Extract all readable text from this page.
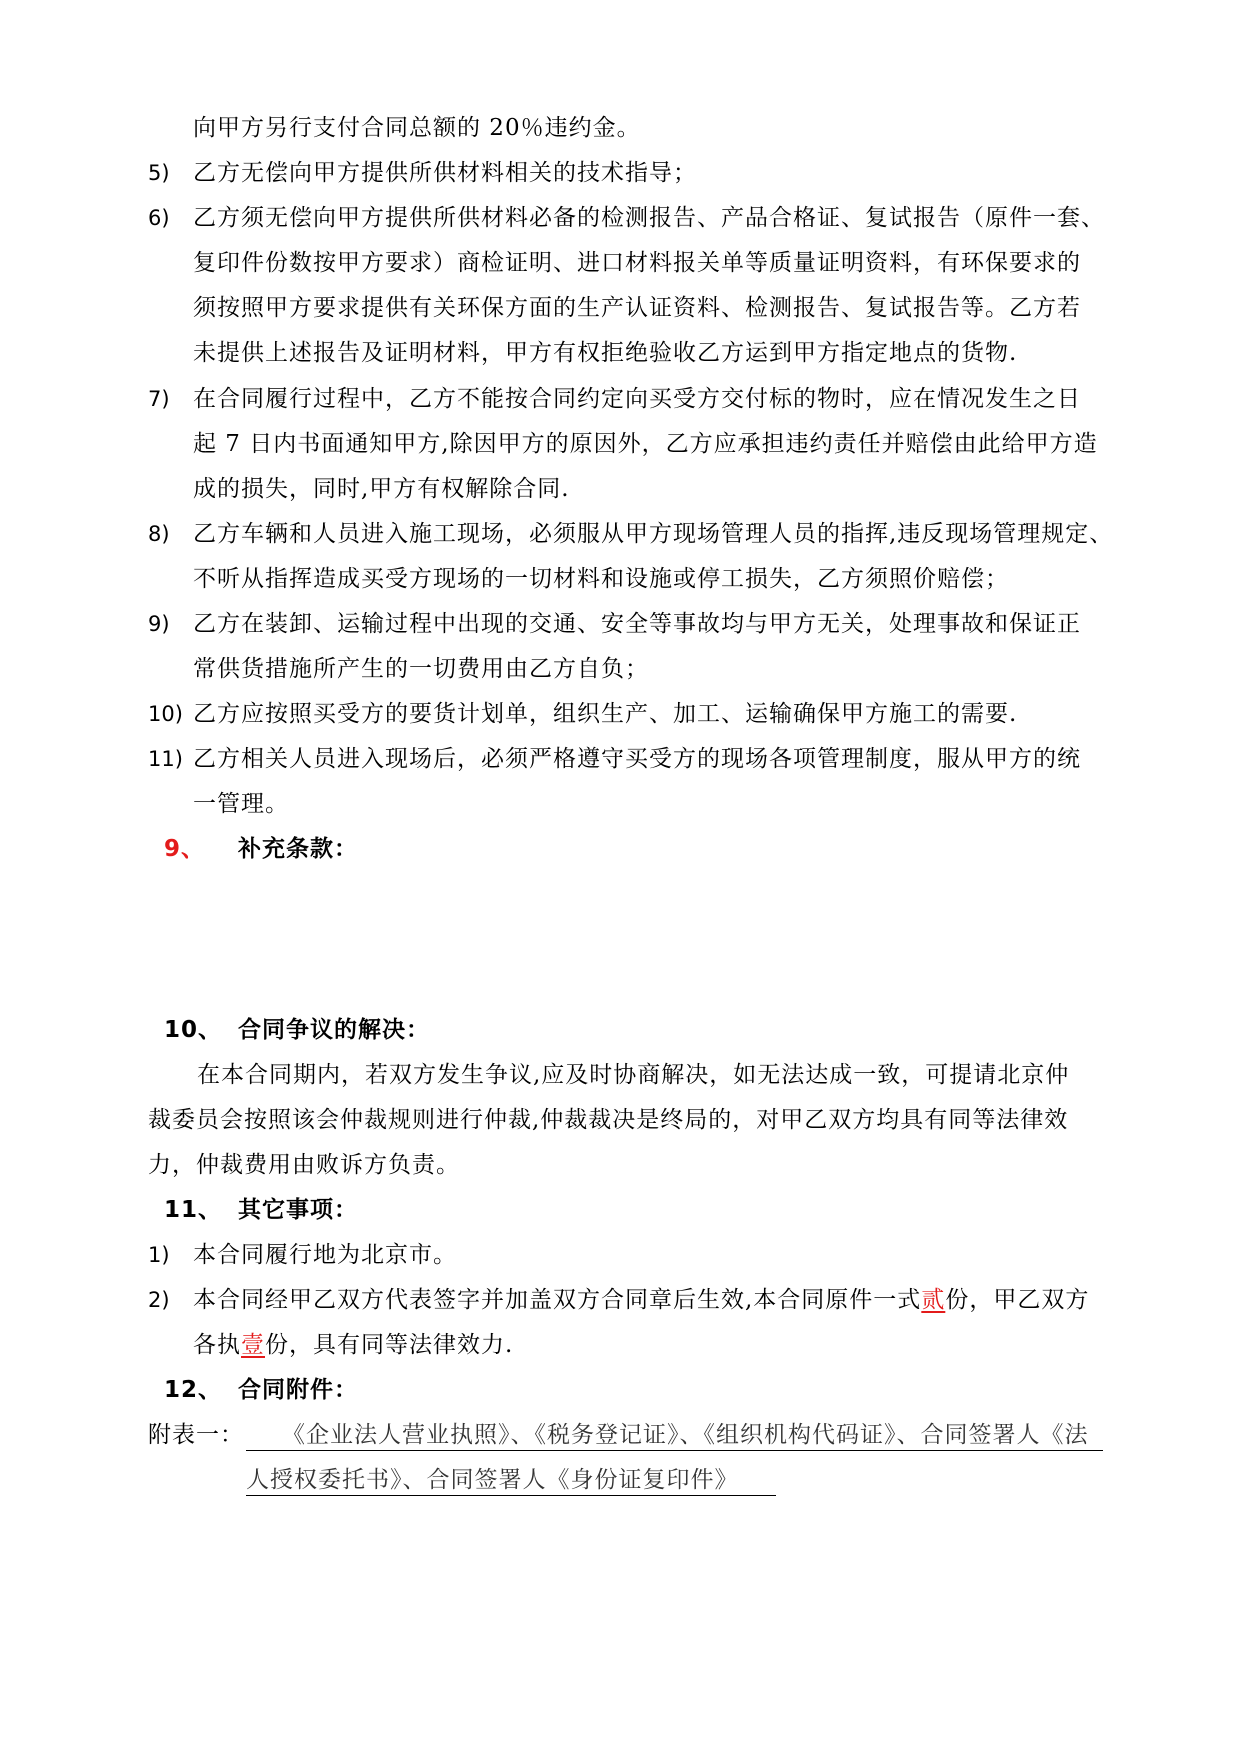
向甲方另行支付合同总额的 20％违约金。
5) 乙方无偿向甲方提供所供材料相关的技术指导；
6) 乙方须无偿向甲方提供所供材料必备的检测报告、产品合格证、复试报告（原件一套、
复印件份数按甲方要求）商检证明、进口材料报关单等质量证明资料，有环保要求的
须按照甲方要求提供有关环保方面的生产认证资料、检测报告、复试报告等。乙方若
未提供上述报告及证明材料，甲方有权拒绝验收乙方运到甲方指定地点的货物.
7) 在合同履行过程中，乙方不能按合同约定向买受方交付标的物时，应在情况发生之日
起 7 日内书面通知甲方,除因甲方的原因外，乙方应承担违约责任并赔偿由此给甲方造
成的损失，同时,甲方有权解除合同.
8) 乙方车辆和人员进入施工现场，必须服从甲方现场管理人员的指挥,违反现场管理规定、
不听从指挥造成买受方现场的一切材料和设施或停工损失，乙方须照价赔偿；
9) 乙方在装卸、运输过程中出现的交通、安全等事故均与甲方无关，处理事故和保证正
常供货措施所产生的一切费用由乙方自负；
10) 乙方应按照买受方的要货计划单，组织生产、加工、运输确保甲方施工的需要.
11) 乙方相关人员进入现场后，必须严格遵守买受方的现场各项管理制度，服从甲方的统
一管理。
9、 补充条款：
10、 合同争议的解决：
在本合同期内，若双方发生争议,应及时协商解决，如无法达成一致，可提请北京仲
裁委员会按照该会仲裁规则进行仲裁,仲裁裁决是终局的，对甲乙双方均具有同等法律效
力，仲裁费用由败诉方负责。
11、 其它事项：
1) 本合同履行地为北京市。
2) 本合同经甲乙双方代表签字并加盖双方合同章后生效,本合同原件一式贰份，甲乙双方
各执壹份，具有同等法律效力.
12、 合同附件：
附表一：	《企业法人营业执照》、《税务登记证》、《组织机构代码证》、合同签署人《法
人授权委托书》、合同签署人《身份证复印件》
